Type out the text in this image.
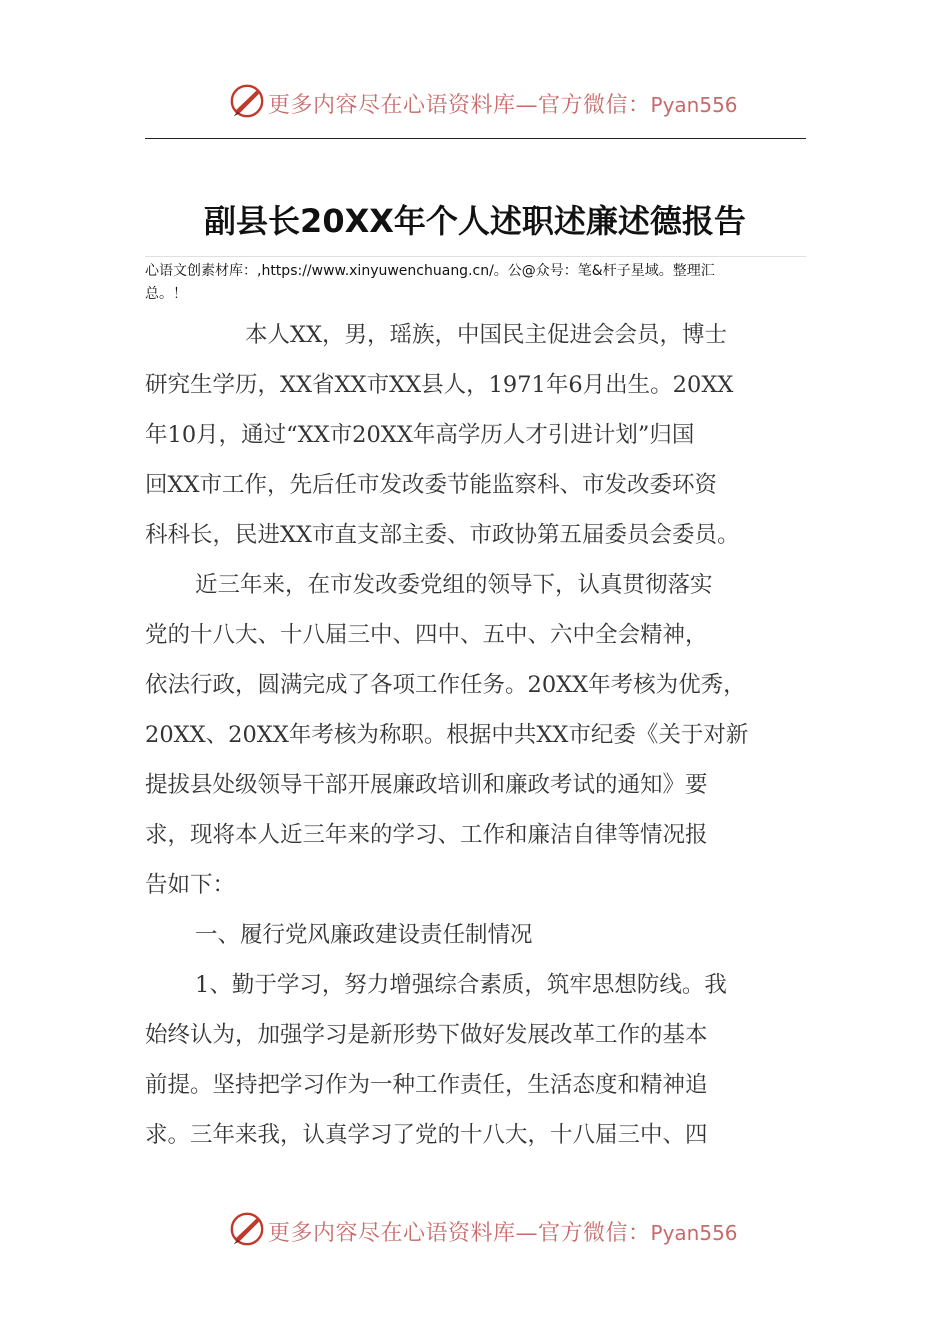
更多内容尽在心语资料库—官方微信：Pyan556
副县长20XX年个人述职述廉述德报告
心语文创素材库：,https://www.xinyuwenchuang.cn/。公@众号：笔&杆子星域。整理汇
总。！
本人XX，男，瑶族，中国民主促进会会员，博士
研究生学历，XX省XX市XX县人，1971年6月出生。20XX
年10月，通过“XX市20XX年高学历人才引进计划”归国
回XX市工作，先后任市发改委节能监察科、市发改委环资
科科长，民进XX市直支部主委、市政协第五届委员会委员。
近三年来，在市发改委党组的领导下，认真贯彻落实
党的十八大、十八届三中、四中、五中、六中全会精神，
依法行政，圆满完成了各项工作任务。20XX年考核为优秀，
20XX、20XX年考核为称职。根据中共XX市纪委《关于对新
提拔县处级领导干部开展廉政培训和廉政考试的通知》要
求，现将本人近三年来的学习、工作和廉洁自律等情况报
告如下：
一、履行党风廉政建设责任制情况
1、勤于学习，努力增强综合素质，筑牢思想防线。我
始终认为，加强学习是新形势下做好发展改革工作的基本
前提。坚持把学习作为一种工作责任，生活态度和精神追
求。三年来我，认真学习了党的十八大，十八届三中、四
更多内容尽在心语资料库—官方微信：Pyan556
